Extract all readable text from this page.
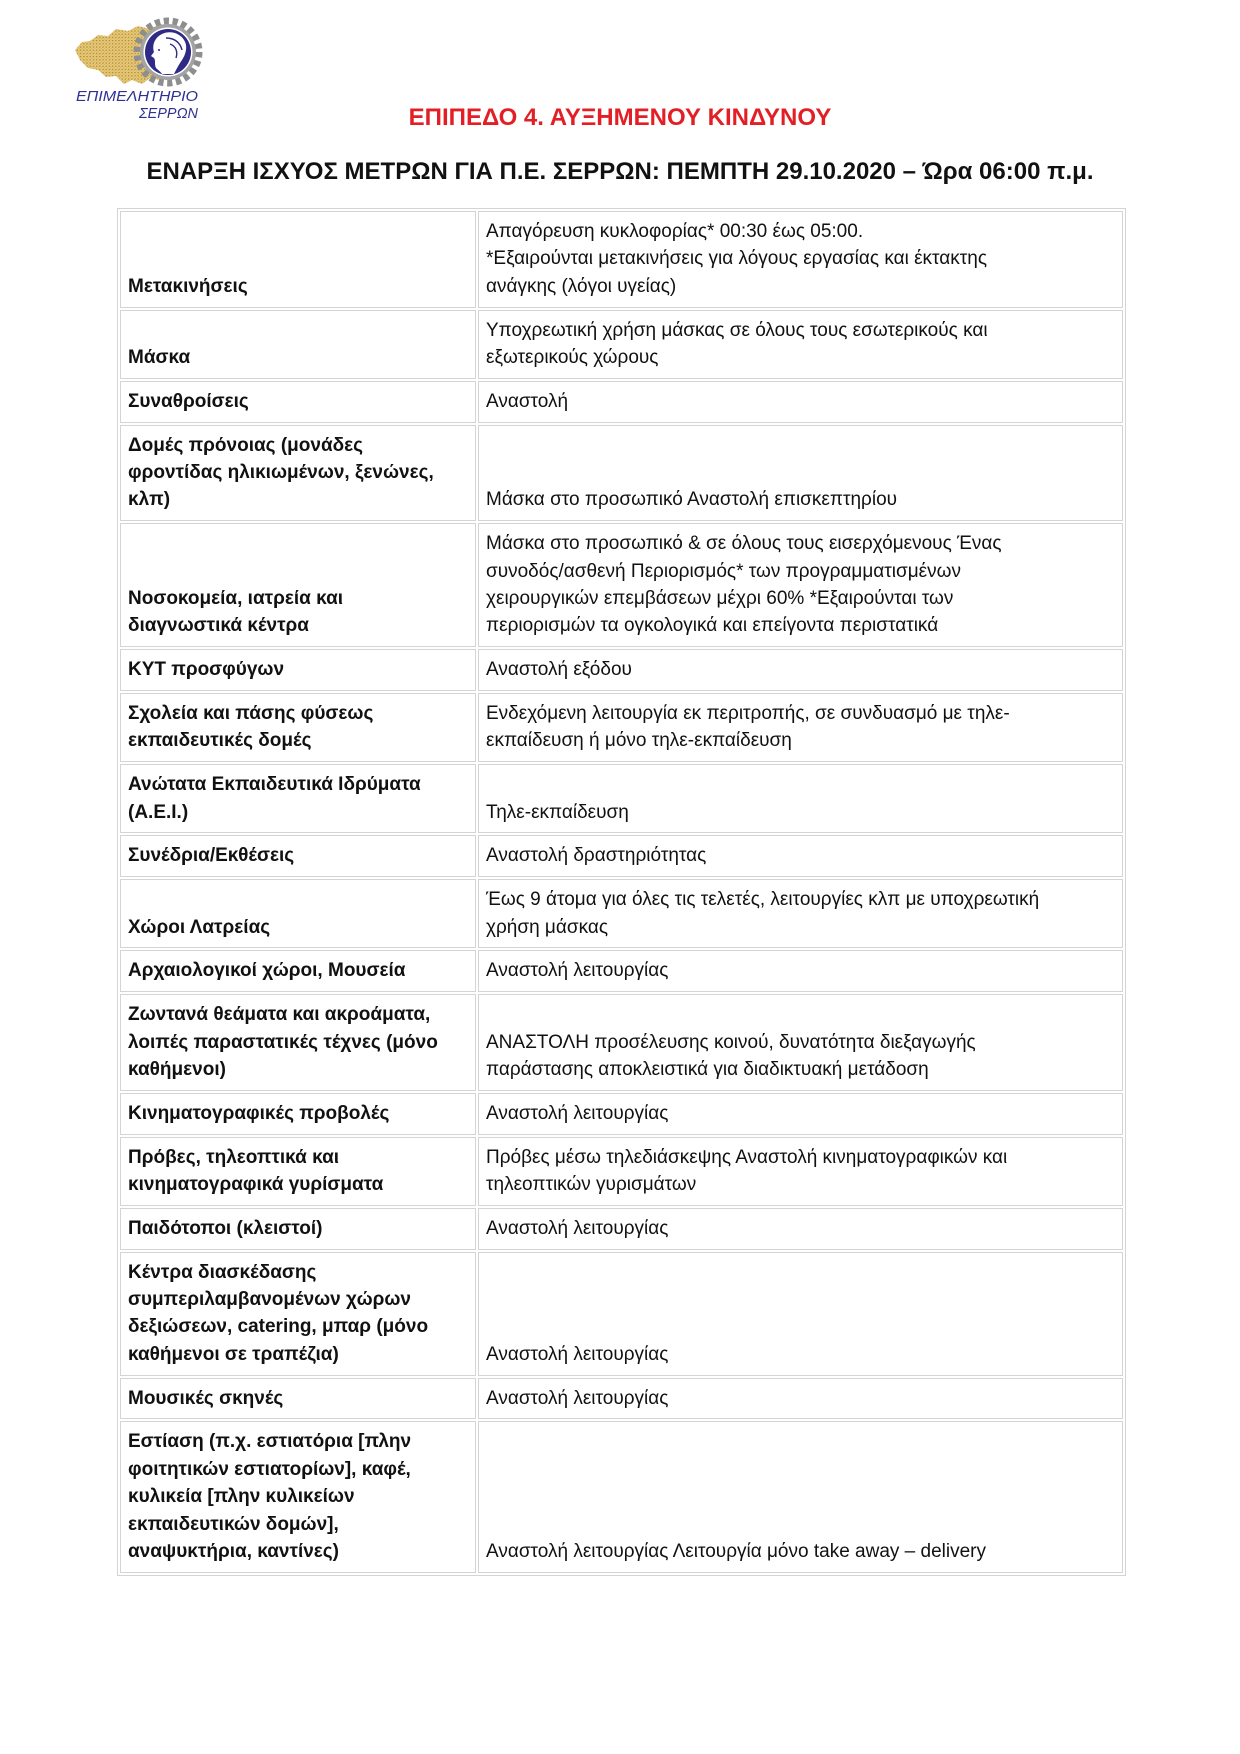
ΕΠΙΜΕΛΗΤΗΡΙΟ
ΣΕΡΡΩΝ	ΕΠΙΠΕΔΟ 4. ΑΥΞΗΜΕΝΟΥ ΚΙΝΔΥΝΟΥ
ΕΝΑΡΞΗ ΙΣΧΥΟΣ ΜΕΤΡΩΝ ΓΙΑ Π.Ε. ΣΕΡΡΩΝ: ΠΕΜΠΤΗ 29.10.2020 – Ώρα 06:00 π.μ.
Μετακινήσεις	Απαγόρευση κυκλοφορίας* 00:30 έως 05:00.
*Εξαιρούνται μετακινήσεις για λόγους εργασίας και έκτακτης
ανάγκης (λόγοι υγείας)
Μάσκα	Υποχρεωτική χρήση μάσκας σε όλους τους εσωτερικούς και
εξωτερικούς χώρους
Συναθροίσεις	Αναστολή
Δομές πρόνοιας (μονάδες
φροντίδας ηλικιωμένων, ξενώνες,
κλπ)	Μάσκα στο προσωπικό Αναστολή επισκεπτηρίου
Νοσοκομεία, ιατρεία και
διαγνωστικά κέντρα	Μάσκα στο προσωπικό & σε όλους τους εισερχόμενους Ένας
συνοδός/ασθενή Περιορισμός* των προγραμματισμένων
χειρουργικών επεμβάσεων μέχρι 60% *Εξαιρούνται των
περιορισμών τα ογκολογικά και επείγοντα περιστατικά
ΚΥΤ προσφύγων	Αναστολή εξόδου
Σχολεία και πάσης φύσεως
εκπαιδευτικές δομές	Ενδεχόμενη λειτουργία εκ περιτροπής, σε συνδυασμό με τηλε-
εκπαίδευση ή μόνο τηλε-εκπαίδευση
Ανώτατα Εκπαιδευτικά Ιδρύματα
(Α.Ε.Ι.)	Τηλε-εκπαίδευση
Συνέδρια/Εκθέσεις	Αναστολή δραστηριότητας
Χώροι Λατρείας	Έως 9 άτομα για όλες τις τελετές, λειτουργίες κλπ με υποχρεωτική
χρήση μάσκας
Αρχαιολογικοί χώροι, Μουσεία	Αναστολή λειτουργίας
Ζωντανά θεάματα και ακροάματα,
λοιπές παραστατικές τέχνες (μόνο
καθήμενοι)	ΑΝΑΣΤΟΛΗ προσέλευσης κοινού, δυνατότητα διεξαγωγής
παράστασης αποκλειστικά για διαδικτυακή μετάδοση
Κινηματογραφικές προβολές	Αναστολή λειτουργίας
Πρόβες, τηλεοπτικά και
κινηματογραφικά γυρίσματα	Πρόβες μέσω τηλεδιάσκεψης Αναστολή κινηματογραφικών και
τηλεοπτικών γυρισμάτων
Παιδότοποι (κλειστοί)	Αναστολή λειτουργίας
Κέντρα διασκέδασης
συμπεριλαμβανομένων χώρων
δεξιώσεων, catering, μπαρ (μόνο
καθήμενοι σε τραπέζια)	Αναστολή λειτουργίας
Μουσικές σκηνές	Αναστολή λειτουργίας
Εστίαση (π.χ. εστιατόρια [πλην
φοιτητικών εστιατορίων], καφέ,
κυλικεία [πλην κυλικείων
εκπαιδευτικών δομών],
αναψυκτήρια, καντίνες)	Αναστολή λειτουργίας Λειτουργία μόνο take away – delivery
